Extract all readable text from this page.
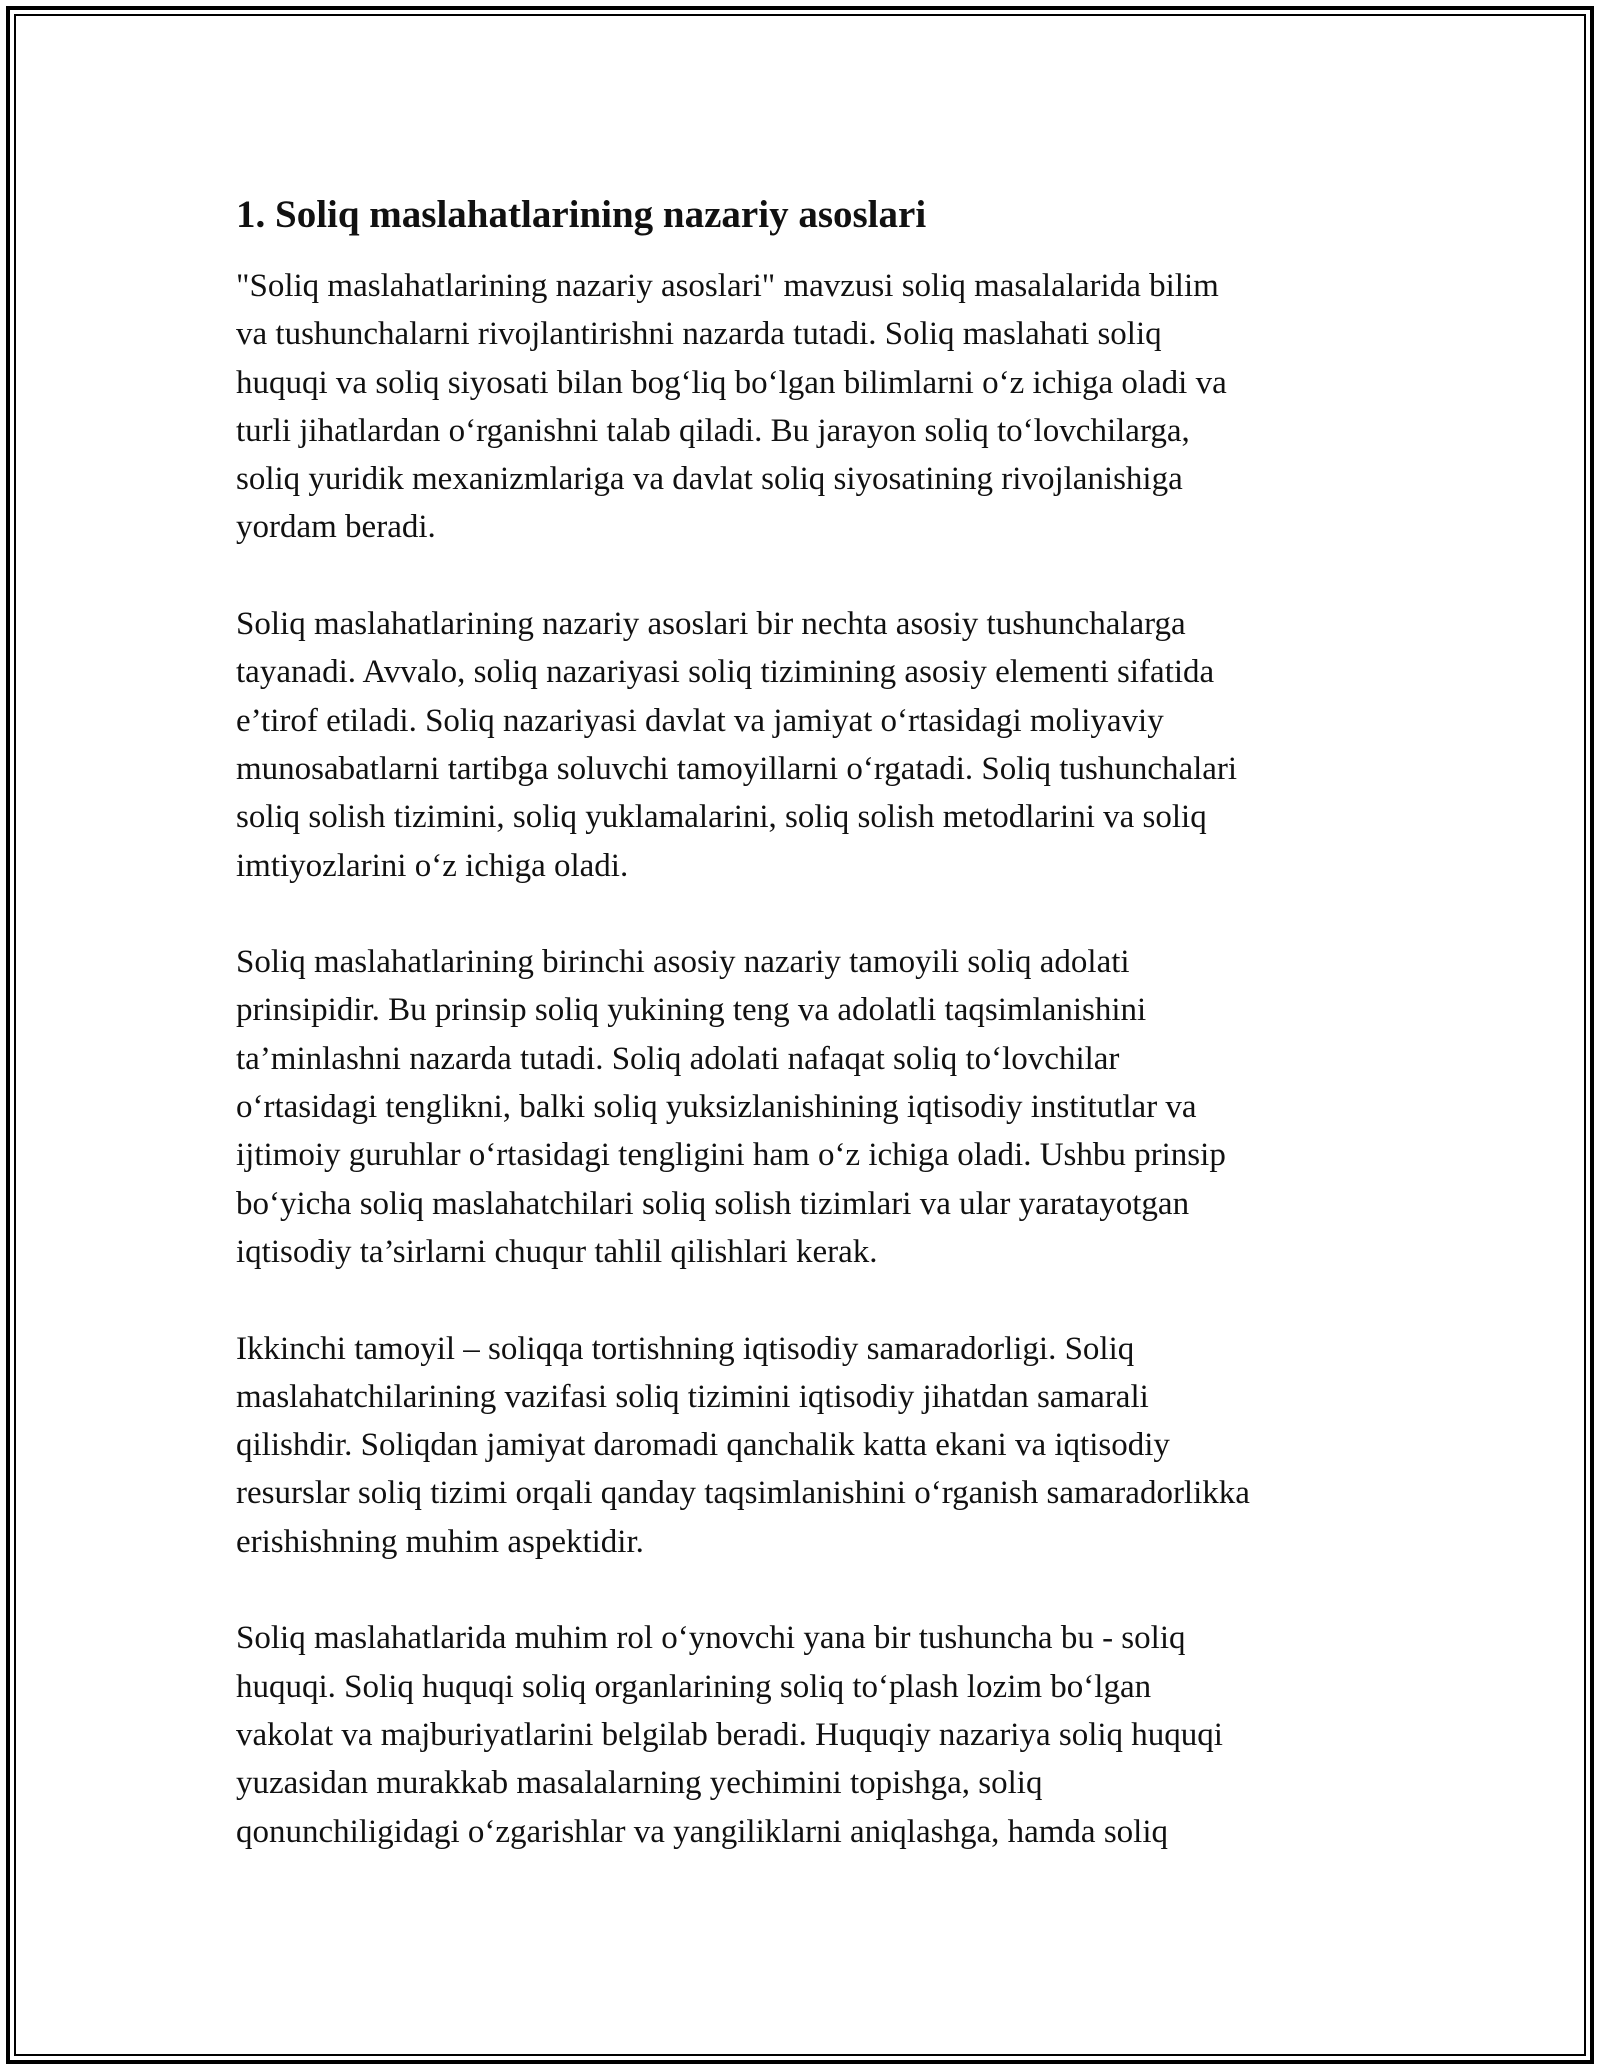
1. Soliq maslahatlarining nazariy asoslari

"Soliq maslahatlarining nazariy asoslari" mavzusi soliq masalalarida bilim
va tushunchalarni rivojlantirishni nazarda tutadi. Soliq maslahati soliq
huquqi va soliq siyosati bilan bog‘liq bo‘lgan bilimlarni o‘z ichiga oladi va
turli jihatlardan o‘rganishni talab qiladi. Bu jarayon soliq to‘lovchilarga,
soliq yuridik mexanizmlariga va davlat soliq siyosatining rivojlanishiga
yordam beradi.

Soliq maslahatlarining nazariy asoslari bir nechta asosiy tushunchalarga
tayanadi. Avvalo, soliq nazariyasi soliq tizimining asosiy elementi sifatida
e’tirof etiladi. Soliq nazariyasi davlat va jamiyat o‘rtasidagi moliyaviy
munosabatlarni tartibga soluvchi tamoyillarni o‘rgatadi. Soliq tushunchalari
soliq solish tizimini, soliq yuklamalarini, soliq solish metodlarini va soliq
imtiyozlarini o‘z ichiga oladi.

Soliq maslahatlarining birinchi asosiy nazariy tamoyili soliq adolati
prinsipidir. Bu prinsip soliq yukining teng va adolatli taqsimlanishini
ta’minlashni nazarda tutadi. Soliq adolati nafaqat soliq to‘lovchilar
o‘rtasidagi tenglikni, balki soliq yuksizlanishining iqtisodiy institutlar va
ijtimoiy guruhlar o‘rtasidagi tengligini ham o‘z ichiga oladi. Ushbu prinsip
bo‘yicha soliq maslahatchilari soliq solish tizimlari va ular yaratayotgan
iqtisodiy ta’sirlarni chuqur tahlil qilishlari kerak.

Ikkinchi tamoyil – soliqqa tortishning iqtisodiy samaradorligi. Soliq
maslahatchilarining vazifasi soliq tizimini iqtisodiy jihatdan samarali
qilishdir. Soliqdan jamiyat daromadi qanchalik katta ekani va iqtisodiy
resurslar soliq tizimi orqali qanday taqsimlanishini o‘rganish samaradorlikka
erishishning muhim aspektidir.

Soliq maslahatlarida muhim rol o‘ynovchi yana bir tushuncha bu - soliq
huquqi. Soliq huquqi soliq organlarining soliq to‘plash lozim bo‘lgan
vakolat va majburiyatlarini belgilab beradi. Huquqiy nazariya soliq huquqi
yuzasidan murakkab masalalarning yechimini topishga, soliq
qonunchiligidagi o‘zgarishlar va yangiliklarni aniqlashga, hamda soliq
